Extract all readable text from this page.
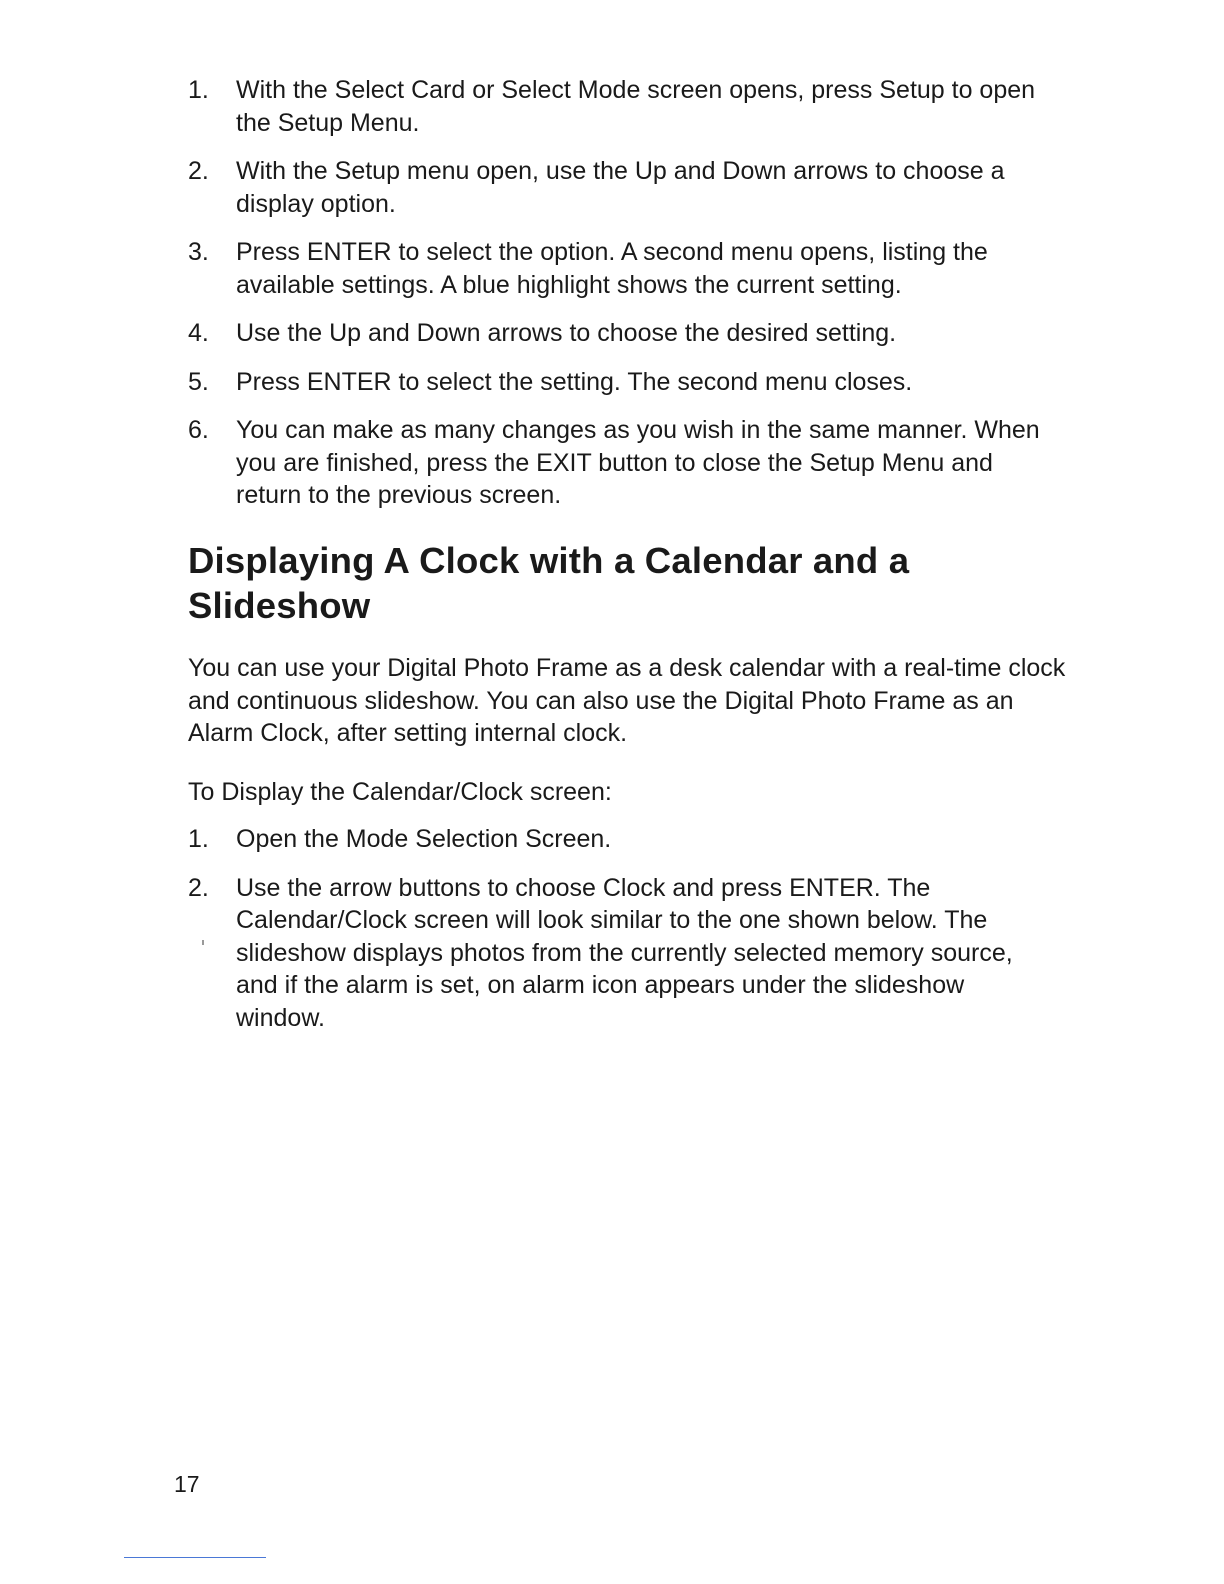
1.	With the Select Card or Select Mode screen opens, press Setup to open the Setup Menu.
2.	With the Setup menu open, use the Up and Down arrows to choose a display option.
3.	Press ENTER to select the option. A second menu opens, listing the available settings. A blue highlight shows the current setting.
4.	Use the Up and Down arrows to choose the desired setting.
5.	Press ENTER to select the setting. The second menu closes.
6.	You can make as many changes as you wish in the same manner. When you are finished, press the EXIT button to close the Setup Menu and return to the previous screen.
Displaying A Clock with a Calendar and a Slideshow

You can use your Digital Photo Frame as a desk calendar with a real-time clock and continuous slideshow. You can also use the Digital Photo Frame as an Alarm Clock, after setting internal clock.

To Display the Calendar/Clock screen:

1.	Open the Mode Selection Screen.
2.	Use the arrow buttons to choose Clock and press ENTER. The Calendar/Clock screen will look similar to the one shown below. The slideshow displays photos from the currently selected memory source, and if the alarm is set, on alarm icon appears under the slideshow window.
17
